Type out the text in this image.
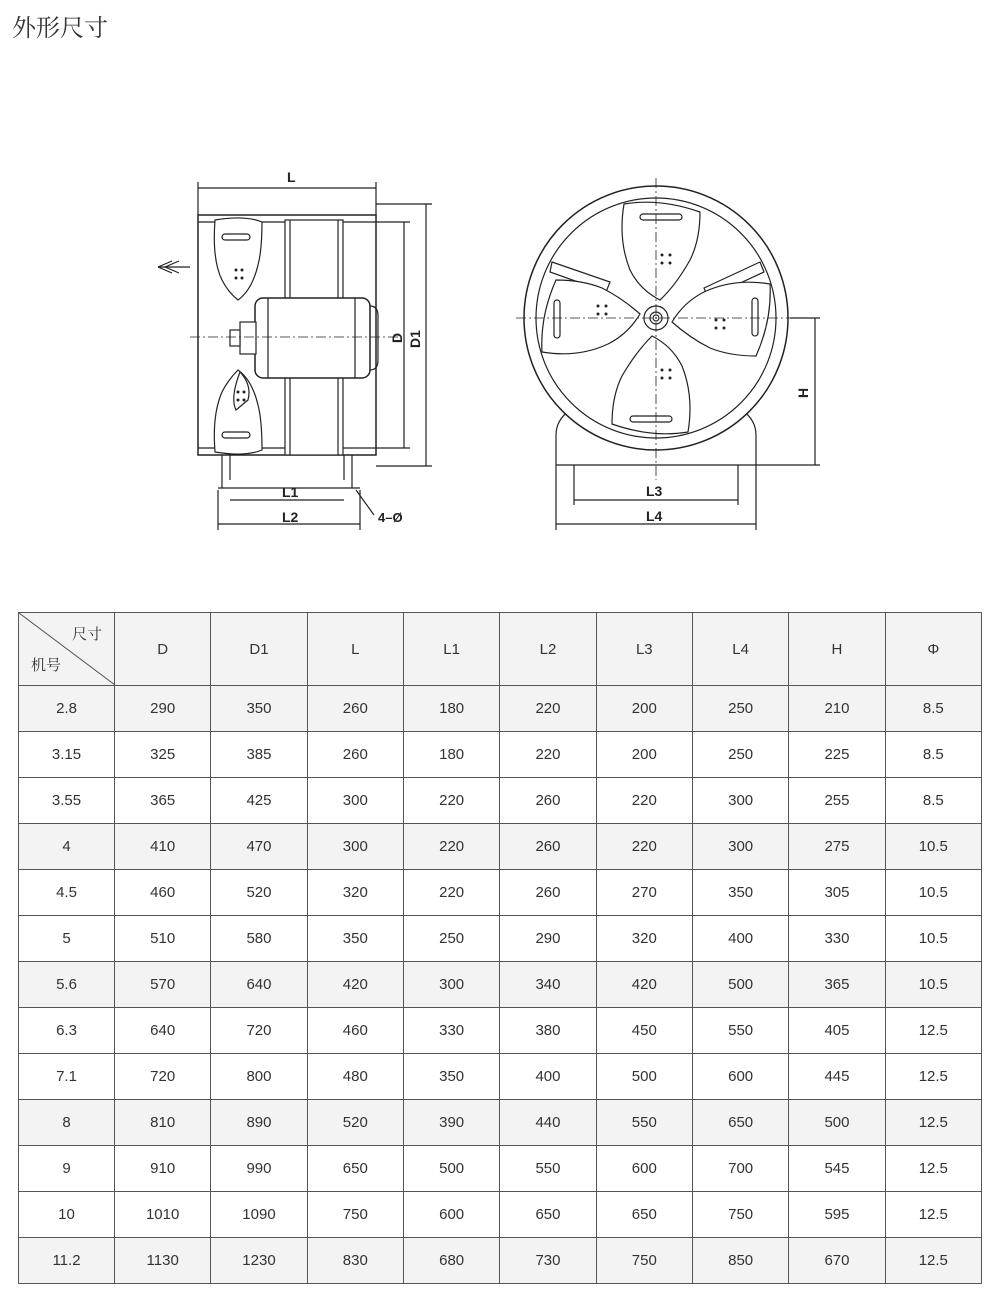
外形尺寸
L
D D1
L1
L2	4–Ø
H
L3
L4
尺寸
机号	D	D1	L	L1	L2	L3	L4	H	Φ
2.8	290	350	260	180	220	200	250	210	8.5
3.15	325	385	260	180	220	200	250	225	8.5
3.55	365	425	300	220	260	220	300	255	8.5
4	410	470	300	220	260	220	300	275	10.5
4.5	460	520	320	220	260	270	350	305	10.5
5	510	580	350	250	290	320	400	330	10.5
5.6	570	640	420	300	340	420	500	365	10.5
6.3	640	720	460	330	380	450	550	405	12.5
7.1	720	800	480	350	400	500	600	445	12.5
8	810	890	520	390	440	550	650	500	12.5
9	910	990	650	500	550	600	700	545	12.5
10	1010	1090	750	600	650	650	750	595	12.5
11.2	1130	1230	830	680	730	750	850	670	12.5
